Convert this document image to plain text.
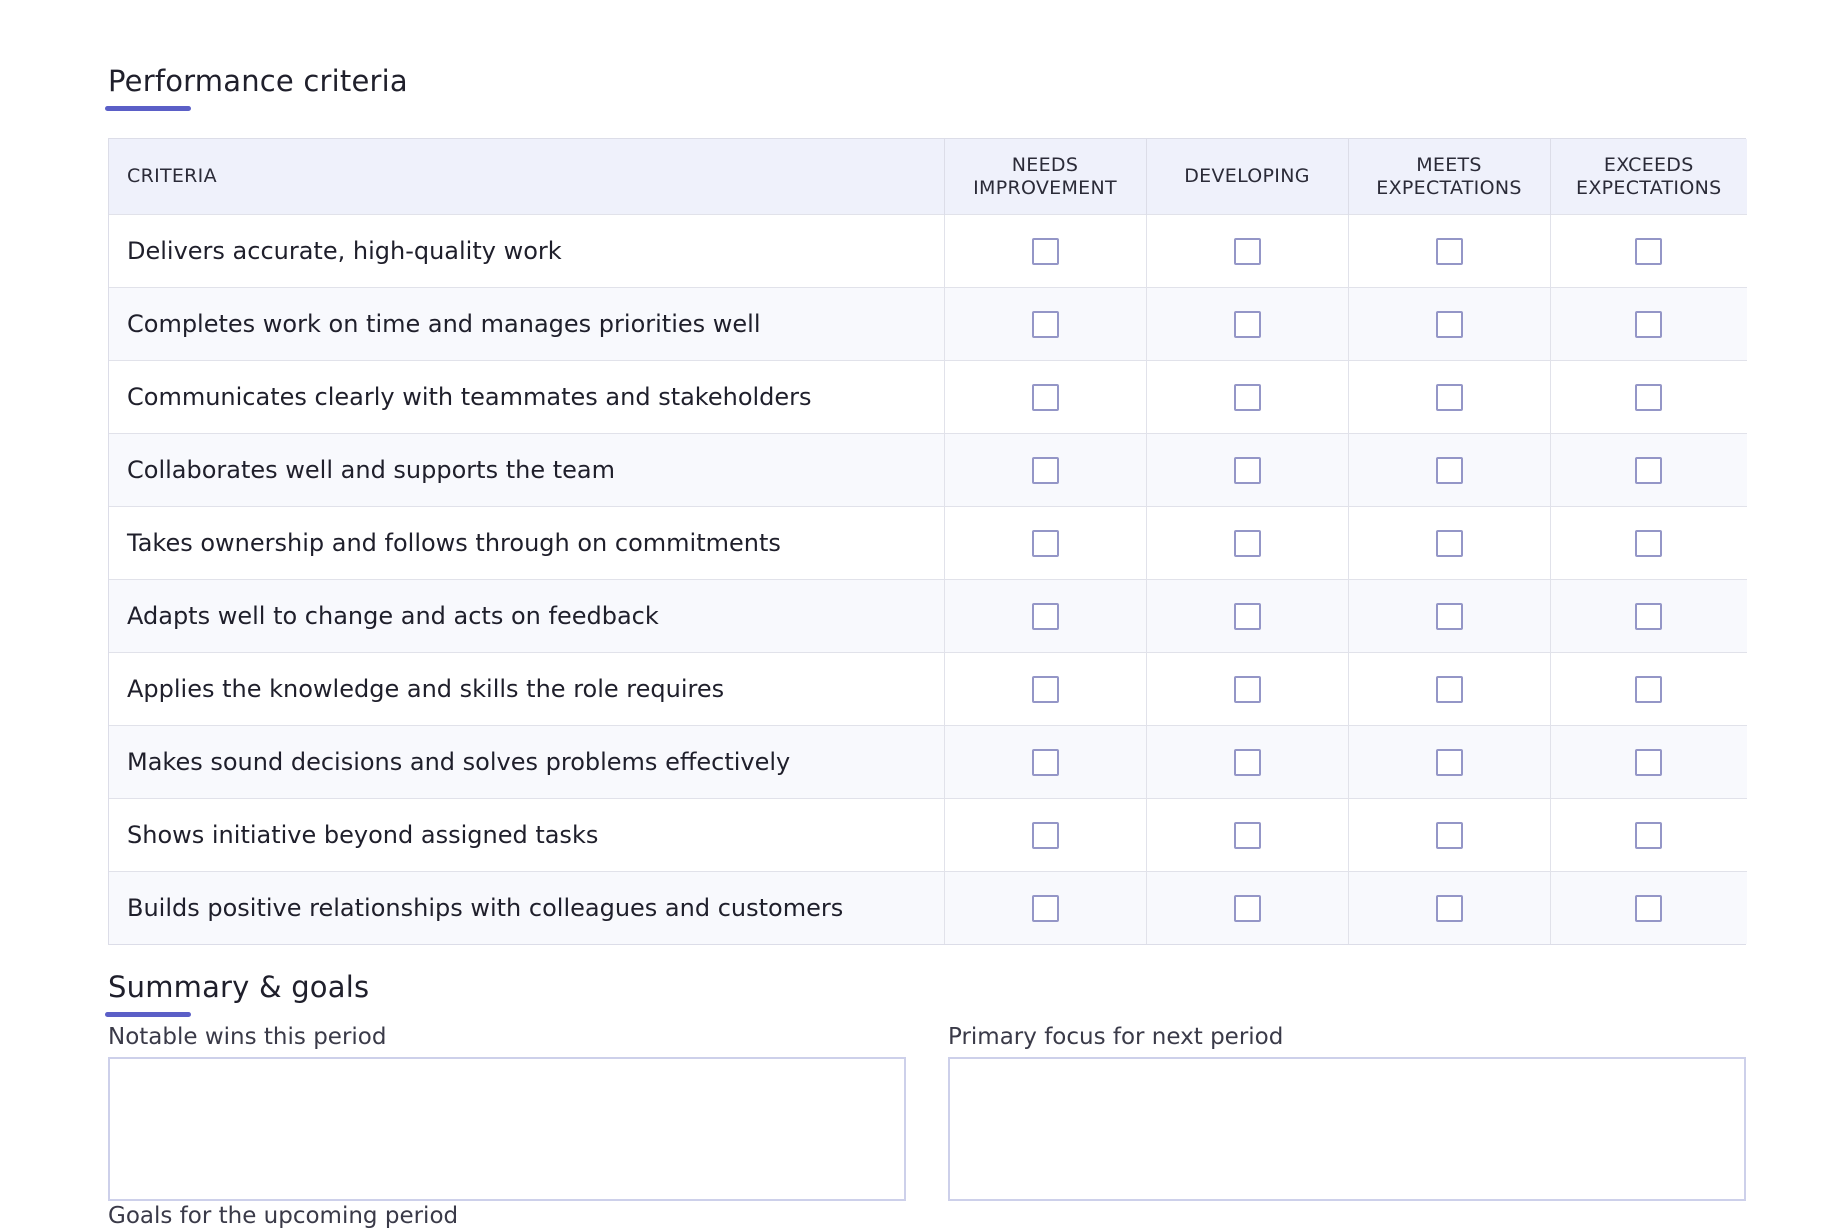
Performance criteria
CRITERIA	NEEDS IMPROVEMENT	DEVELOPING	MEETS EXPECTATIONS	EXCEEDS EXPECTATIONS
Delivers accurate, high-quality work				
Completes work on time and manages priorities well				
Communicates clearly with teammates and stakeholders				
Collaborates well and supports the team				
Takes ownership and follows through on commitments				
Adapts well to change and acts on feedback				
Applies the knowledge and skills the role requires				
Makes sound decisions and solves problems effectively				
Shows initiative beyond assigned tasks				
Builds positive relationships with colleagues and customers				
Summary & goals
Notable wins this period	Primary focus for next period
Goals for the upcoming period
